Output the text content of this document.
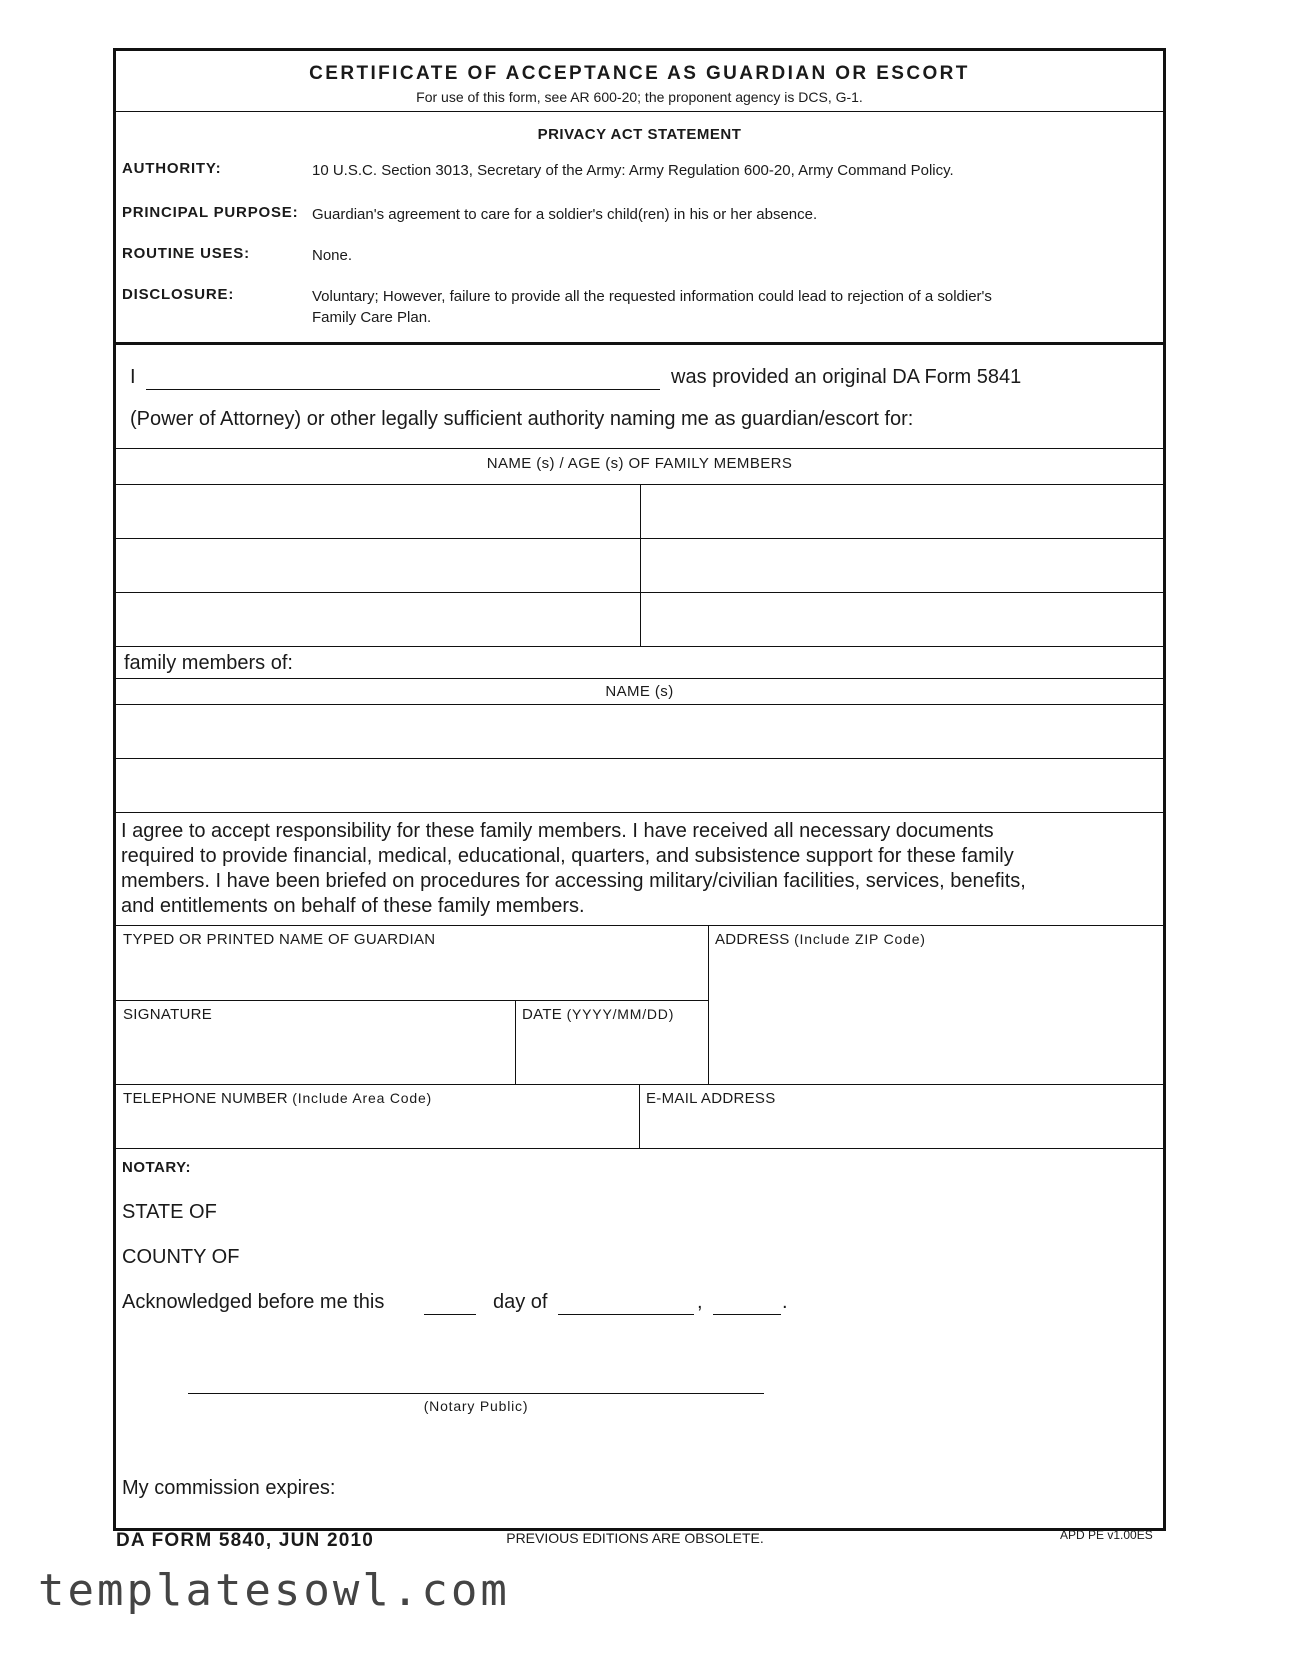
CERTIFICATE OF ACCEPTANCE AS GUARDIAN OR ESCORT
For use of this form, see AR 600-20; the proponent agency is DCS, G-1.
PRIVACY ACT STATEMENT
AUTHORITY:	10 U.S.C. Section 3013, Secretary of the Army: Army Regulation 600-20, Army Command Policy.
PRINCIPAL PURPOSE: Guardian's agreement to care for a soldier's child(ren) in his or her absence.
ROUTINE USES:	None.
DISCLOSURE:	Voluntary; However, failure to provide all the requested information could lead to rejection of a soldier's
Family Care Plan.
I	was provided an original DA Form 5841
(Power of Attorney) or other legally sufficient authority naming me as guardian/escort for:
NAME (s) / AGE (s) OF FAMILY MEMBERS
family members of:
NAME (s)
I agree to accept responsibility for these family members. I have received all necessary documents
required to provide financial, medical, educational, quarters, and subsistence support for these family
members. I have been briefed on procedures for accessing military/civilian facilities, services, benefits,
and entitlements on behalf of these family members.
TYPED OR PRINTED NAME OF GUARDIAN	ADDRESS (Include ZIP Code)
SIGNATURE	DATE (YYYY/MM/DD)
TELEPHONE NUMBER (Include Area Code)	E-MAIL ADDRESS
NOTARY:
STATE OF
COUNTY OF
Acknowledged before me this	day of	,	.
(Notary Public)
My commission expires:
DA FORM 5840, JUN 2010	PREVIOUS EDITIONS ARE OBSOLETE.	APD PE v1.00ES
templatesowl.com
